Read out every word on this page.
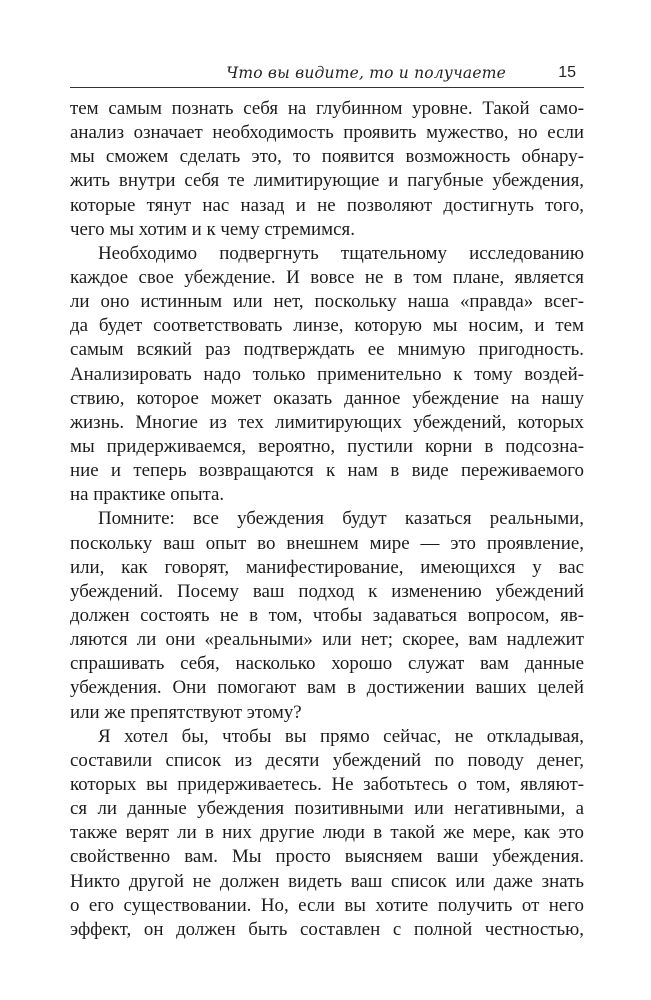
Что вы видите, то и получаете	15
тем самым познать себя на глубинном уровне. Такой само-
анализ означает необходимость проявить мужество, но если
мы сможем сделать это, то появится возможность обнару-
жить внутри себя те лимитирующие и пагубные убеждения,
которые тянут нас назад и не позволяют достигнуть того,
чего мы хотим и к чему стремимся.
Необходимо подвергнуть тщательному исследованию
каждое свое убеждение. И вовсе не в том плане, является
ли оно истинным или нет, поскольку наша «правда» всег-
да будет соответствовать линзе, которую мы носим, и тем
самым всякий раз подтверждать ее мнимую пригодность.
Анализировать надо только применительно к тому воздей-
ствию, которое может оказать данное убеждение на нашу
жизнь. Многие из тех лимитирующих убеждений, которых
мы придерживаемся, вероятно, пустили корни в подсозна-
ние и теперь возвращаются к нам в виде переживаемого
на практике опыта.
Помните: все убеждения будут казаться реальными,
поскольку ваш опыт во внешнем мире — это проявление,
или, как говорят, манифестирование, имеющихся у вас
убеждений. Посему ваш подход к изменению убеждений
должен состоять не в том, чтобы задаваться вопросом, яв-
ляются ли они «реальными» или нет; скорее, вам надлежит
спрашивать себя, насколько хорошо служат вам данные
убеждения. Они помогают вам в достижении ваших целей
или же препятствуют этому?
Я хотел бы, чтобы вы прямо сейчас, не откладывая,
составили список из десяти убеждений по поводу денег,
которых вы придерживаетесь. Не заботьтесь о том, являют-
ся ли данные убеждения позитивными или негативными, а
также верят ли в них другие люди в такой же мере, как это
свойственно вам. Мы просто выясняем ваши убеждения.
Никто другой не должен видеть ваш список или даже знать
о его существовании. Но, если вы хотите получить от него
эффект, он должен быть составлен с полной честностью,
